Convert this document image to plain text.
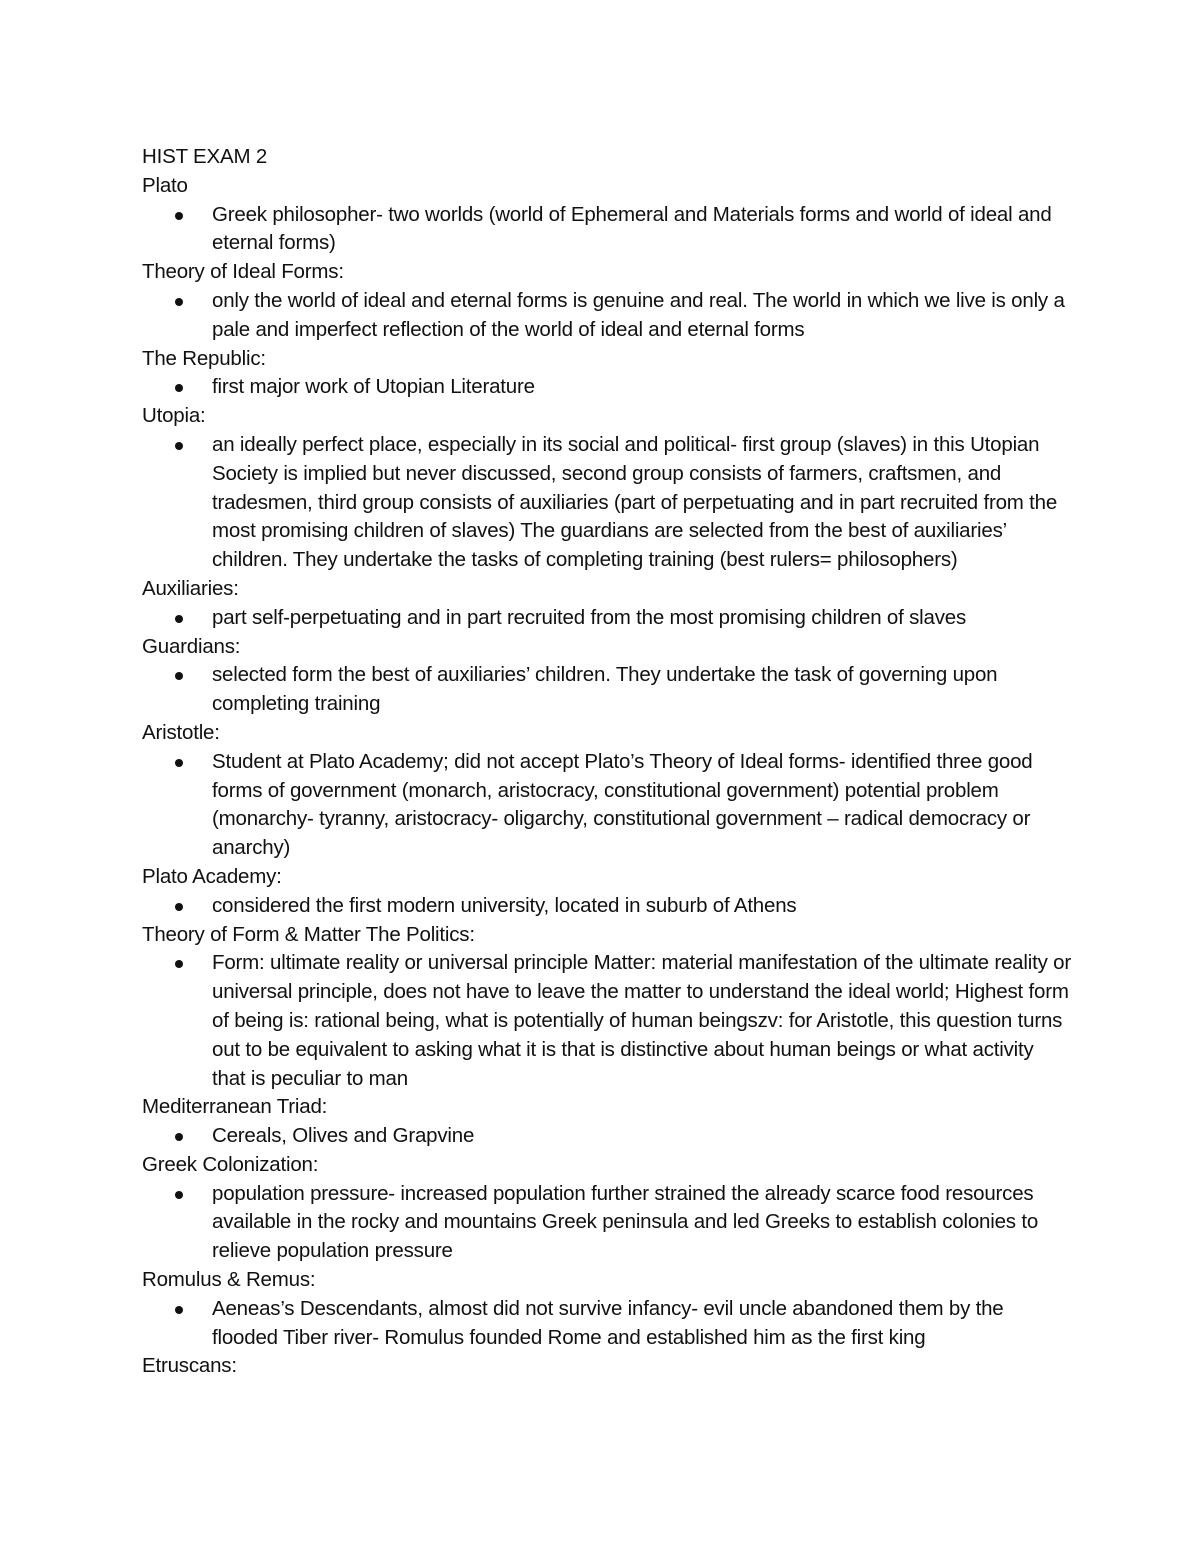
HIST EXAM 2
Plato
Greek philosopher- two worlds (world of Ephemeral and Materials forms and world of ideal and eternal forms)
Theory of Ideal Forms:
only the world of ideal and eternal forms is genuine and real. The world in which we live is only a pale and imperfect reflection of the world of ideal and eternal forms
The Republic:
first major work of Utopian Literature
Utopia:
an ideally perfect place, especially in its social and political- first group (slaves) in this Utopian Society is implied but never discussed, second group consists of farmers, craftsmen, and tradesmen, third group consists of auxiliaries (part of perpetuating and in part recruited from the most promising children of slaves) The guardians are selected from the best of auxiliaries’ children. They undertake the tasks of completing training (best rulers= philosophers)
Auxiliaries:
part self-perpetuating and in part recruited from the most promising children of slaves
Guardians:
selected form the best of auxiliaries’ children. They undertake the task of governing upon completing training
Aristotle:
Student at Plato Academy; did not accept Plato’s Theory of Ideal forms- identified three good forms of government (monarch, aristocracy, constitutional government) potential problem (monarchy- tyranny, aristocracy- oligarchy, constitutional government – radical democracy or anarchy)
Plato Academy:
considered the first modern university, located in suburb of Athens
Theory of Form & Matter The Politics:
Form: ultimate reality or universal principle Matter: material manifestation of the ultimate reality or universal principle, does not have to leave the matter to understand the ideal world; Highest form of being is: rational being, what is potentially of human beingszv: for Aristotle, this question turns out to be equivalent to asking what it is that is distinctive about human beings or what activity that is peculiar to man
Mediterranean Triad:
Cereals, Olives and Grapvine
Greek Colonization:
population pressure- increased population further strained the already scarce food resources available in the rocky and mountains Greek peninsula and led Greeks to establish colonies to relieve population pressure
Romulus & Remus:
Aeneas’s Descendants, almost did not survive infancy- evil uncle abandoned them by the flooded Tiber river- Romulus founded Rome and established him as the first king
Etruscans:
